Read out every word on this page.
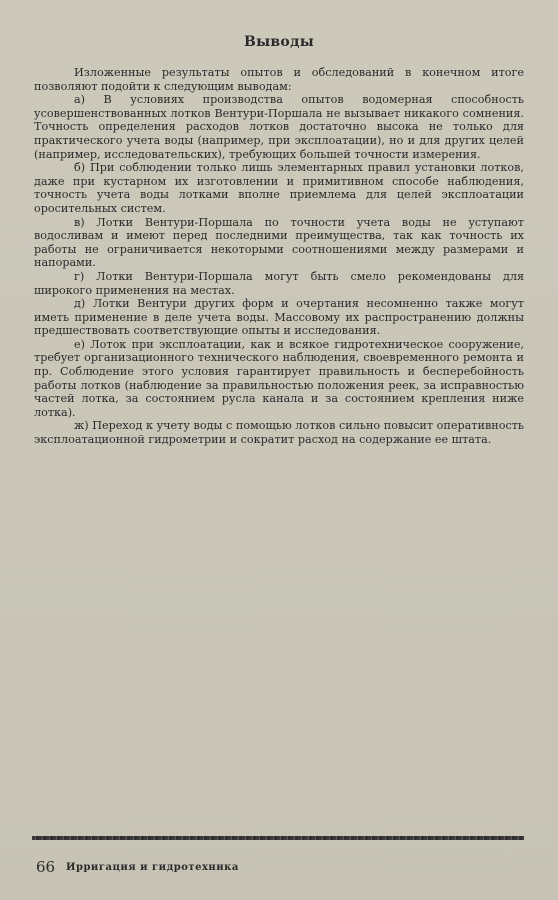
Выводы

Изложенные результаты опытов и обследований в конечном итоге позволяют подойти к следующим выводам:

а) В условиях производства опытов водомерная способность усовершенствованных лотков Вентури-Поршала не вызывает никакого сомнения. Точность определения расходов лотков достаточно высока не только для практического учета воды (например, при эксплоатации), но и для других целей (например, исследовательских), требующих большей точности измерения.

б) При соблюдении только лишь элементарных правил установки лотков, даже при кустарном их изготовлении и примитивном способе наблюдения, точность учета воды лотками вполне приемлема для целей эксплоатации оросительных систем.

в) Лотки Вентури-Поршала по точности учета воды не уступают водосливам и имеют перед последними преимущества, так как точность их работы не ограничивается некоторыми соотношениями между размерами и напорами.

г) Лотки Вентури-Поршала могут быть смело рекомендованы для широкого применения на местах.

д) Лотки Вентури других форм и очертания несомненно также могут иметь применение в деле учета воды. Массовому их распространению должны предшествовать соответствующие опыты и исследования.

е) Лоток при эксплоатации, как и всякое гидротехническое сооружение, требует организационного технического наблюдения, своевременного ремонта и пр. Соблюдение этого условия гарантирует правильность и бесперебойность работы лотков (наблюдение за правильностью положения реек, за исправностью частей лотка, за состоянием русла канала и за состоянием крепления ниже лотка).

ж) Переход к учету воды с помощью лотков сильно повысит оперативность эксплоатационной гидрометрии и сократит расход на содержание ее штата.

66 Ирригация и гидротехника
